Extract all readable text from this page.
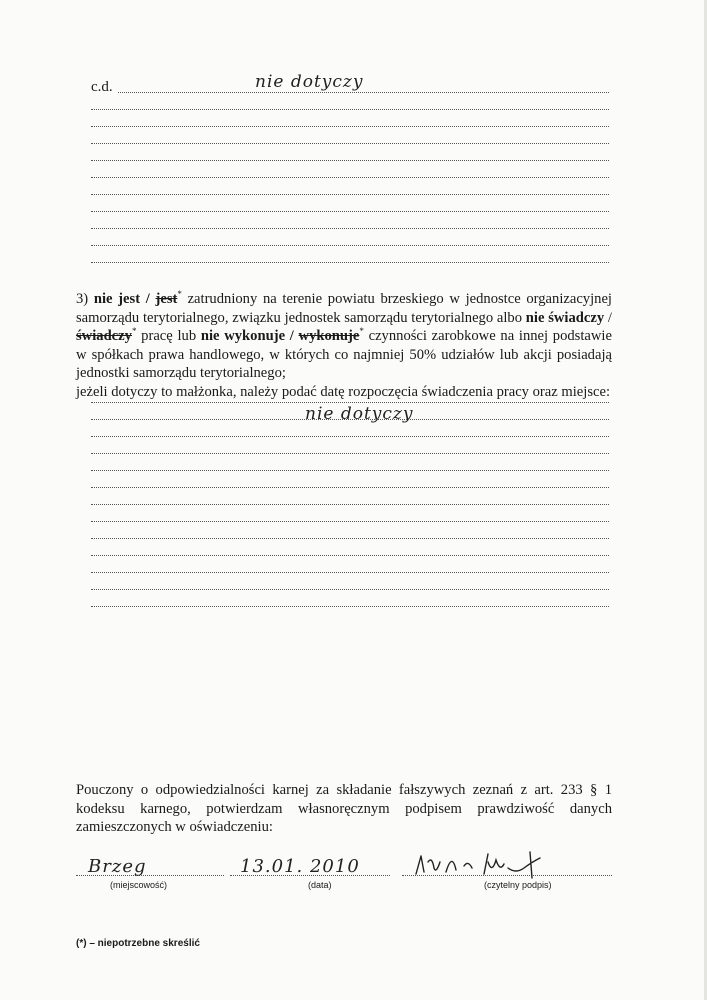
c.d.	nie dotyczy
3) nie jest / jest* zatrudniony na terenie powiatu brzeskiego w jednostce organizacyjnej samorządu terytorialnego, związku jednostek samorządu terytorialnego albo nie świadczy / świadczy* pracę lub nie wykonuje / wykonuje* czynności zarobkowe na innej podstawie w spółkach prawa handlowego, w których co najmniej 50% udziałów lub akcji posiadają jednostki samorządu terytorialnego;
jeżeli dotyczy to małżonka, należy podać datę rozpoczęcia świadczenia pracy oraz miejsce:
nie dotyczy
Pouczony o odpowiedzialności karnej za składanie fałszywych zeznań z art. 233 § 1 kodeksu karnego, potwierdzam własnoręcznym podpisem prawdziwość danych zamieszczonych w oświadczeniu:
Brzeg
(miejscowość)
13.01. 2010
(data)	(czytelny podpis)
(*) – niepotrzebne skreślić
